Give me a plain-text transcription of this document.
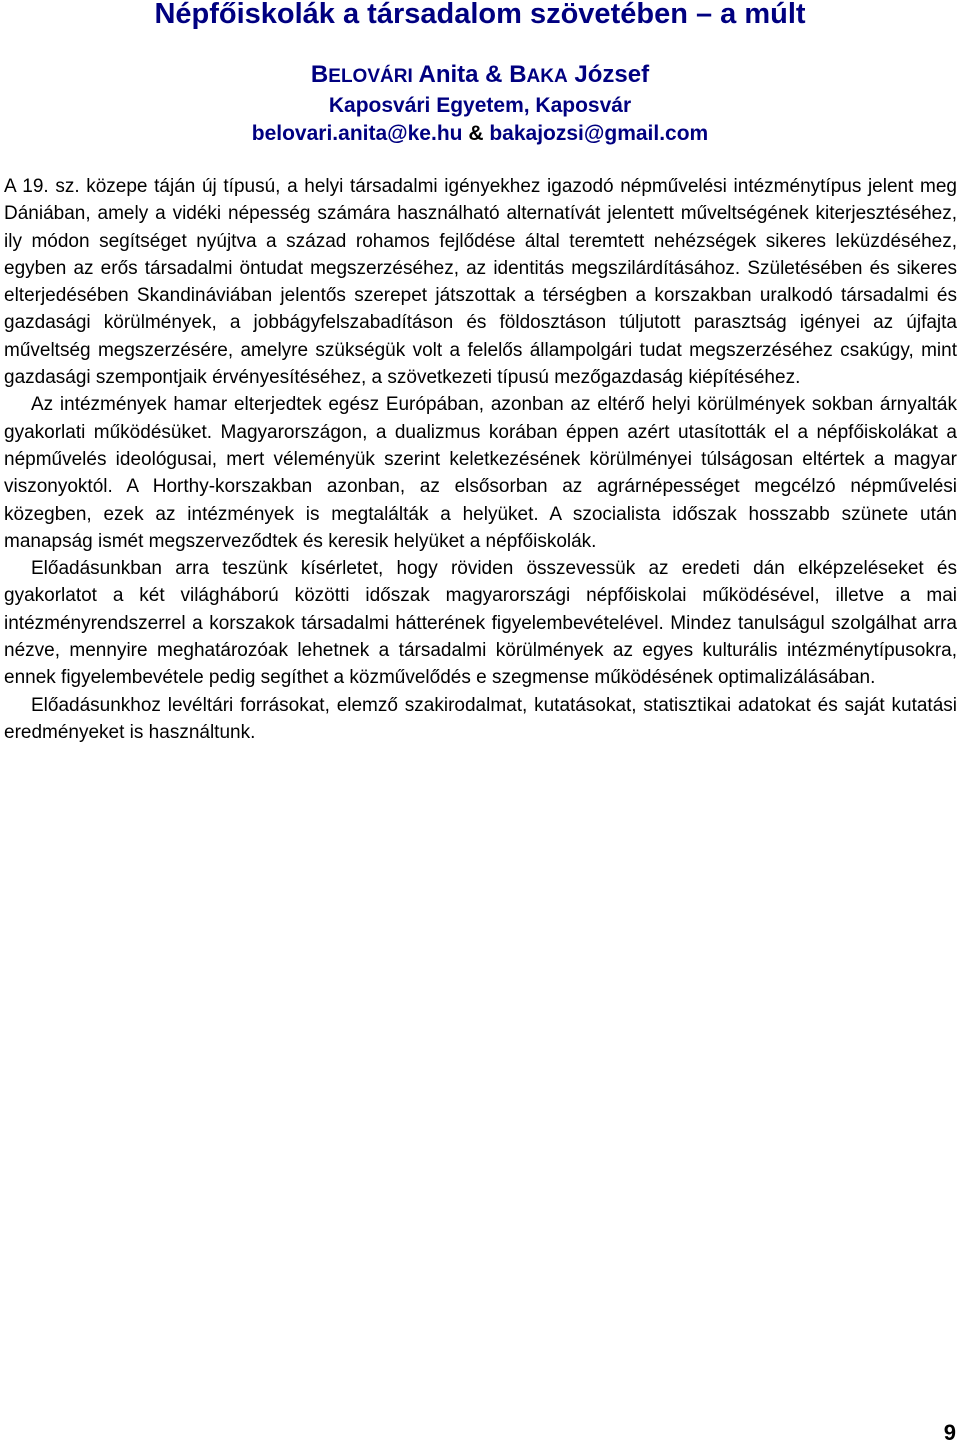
Népfőiskolák a társadalom szövetében – a múlt
BELOVÁRI Anita & BAKA József
Kaposvári Egyetem, Kaposvár
belovari.anita@ke.hu & bakajozsi@gmail.com

A 19. sz. közepe táján új típusú, a helyi társadalmi igényekhez igazodó népművelési intézménytípus jelent meg Dániában, amely a vidéki népesség számára használható alternatívát jelentett műveltségének kiterjesztéséhez, ily módon segítséget nyújtva a század rohamos fejlődése által teremtett nehézségek sikeres leküzdéséhez, egyben az erős társadalmi öntudat megszerzéséhez, az identitás megszilárdításához. Születésében és sikeres elterjedésében Skandináviában jelentős szerepet játszottak a térségben a korszakban uralkodó társadalmi és gazdasági körülmények, a jobbágyfelszabadításon és földosztáson túljutott parasztság igényei az újfajta műveltség megszerzésére, amelyre szükségük volt a felelős állampolgári tudat megszerzéséhez csakúgy, mint gazdasági szempontjaik érvényesítéséhez, a szövetkezeti típusú mezőgazdaság kiépítéséhez.

Az intézmények hamar elterjedtek egész Európában, azonban az eltérő helyi körülmények sokban árnyalták gyakorlati működésüket. Magyarországon, a dualizmus korában éppen azért utasították el a népfőiskolákat a népművelés ideológusai, mert véleményük szerint keletkezésének körülményei túlságosan eltértek a magyar viszonyoktól. A Horthy-korszakban azonban, az elsősorban az agrárnépességet megcélzó népművelési közegben, ezek az intézmények is megtalálták a helyüket. A szocialista időszak hosszabb szünete után manapság ismét megszerveződtek és keresik helyüket a népfőiskolák.

Előadásunkban arra teszünk kísérletet, hogy röviden összevessük az eredeti dán elképzeléseket és gyakorlatot a két világháború közötti időszak magyarországi népfőiskolai működésével, illetve a mai intézményrendszerrel a korszakok társadalmi hátterének figyelembevételével. Mindez tanulságul szolgálhat arra nézve, mennyire meghatározóak lehetnek a társadalmi körülmények az egyes kulturális intézménytípusokra, ennek figyelembevétele pedig segíthet a közművelődés e szegmense működésének optimalizálásában.

Előadásunkhoz levéltári forrásokat, elemző szakirodalmat, kutatásokat, statisztikai adatokat és saját kutatási eredményeket is használtunk.

9
